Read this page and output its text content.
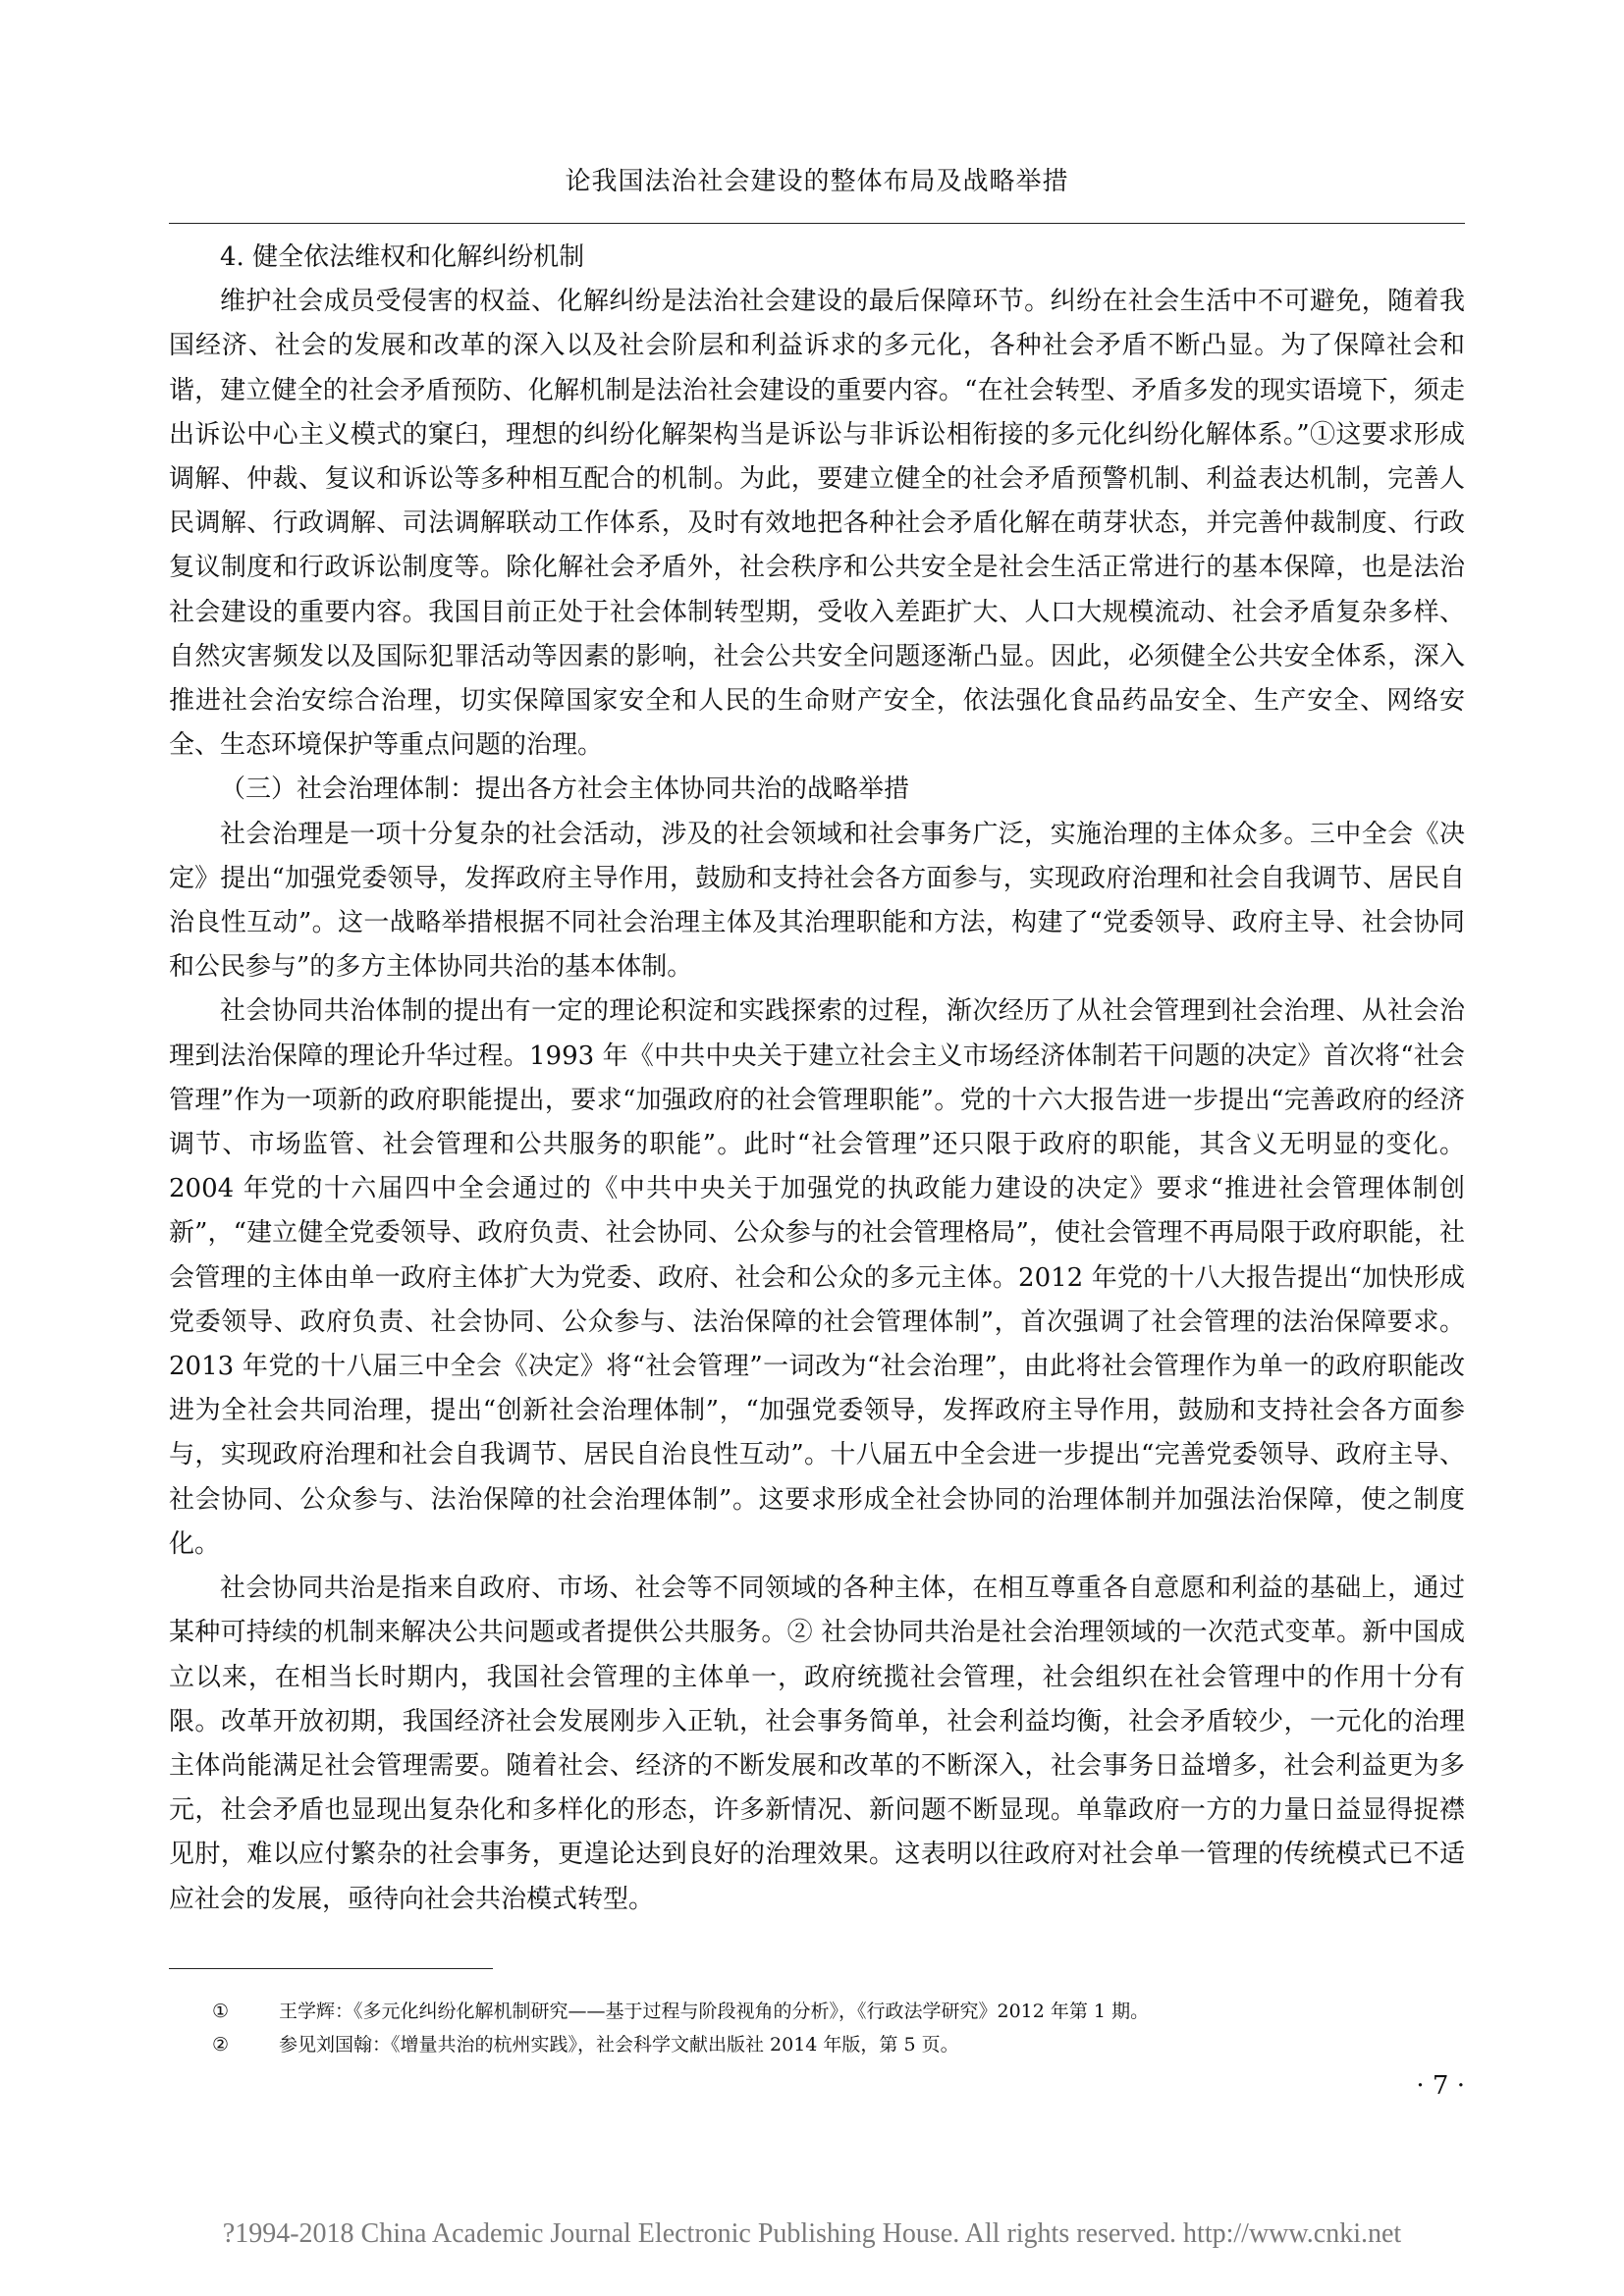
论我国法治社会建设的整体布局及战略举措

4. 健全依法维权和化解纠纷机制

维护社会成员受侵害的权益、化解纠纷是法治社会建设的最后保障环节。纠纷在社会生活中不可避免，随着我国经济、社会的发展和改革的深入以及社会阶层和利益诉求的多元化，各种社会矛盾不断凸显。为了保障社会和谐，建立健全的社会矛盾预防、化解机制是法治社会建设的重要内容。“在社会转型、矛盾多发的现实语境下，须走出诉讼中心主义模式的窠臼，理想的纠纷化解架构当是诉讼与非诉讼相衔接的多元化纠纷化解体系。”①这要求形成调解、仲裁、复议和诉讼等多种相互配合的机制。为此，要建立健全的社会矛盾预警机制、利益表达机制，完善人民调解、行政调解、司法调解联动工作体系，及时有效地把各种社会矛盾化解在萌芽状态，并完善仲裁制度、行政复议制度和行政诉讼制度等。除化解社会矛盾外，社会秩序和公共安全是社会生活正常进行的基本保障，也是法治社会建设的重要内容。我国目前正处于社会体制转型期，受收入差距扩大、人口大规模流动、社会矛盾复杂多样、自然灾害频发以及国际犯罪活动等因素的影响，社会公共安全问题逐渐凸显。因此，必须健全公共安全体系，深入推进社会治安综合治理，切实保障国家安全和人民的生命财产安全，依法强化食品药品安全、生产安全、网络安全、生态环境保护等重点问题的治理。

（三）社会治理体制：提出各方社会主体协同共治的战略举措

社会治理是一项十分复杂的社会活动，涉及的社会领域和社会事务广泛，实施治理的主体众多。三中全会《决定》提出“加强党委领导，发挥政府主导作用，鼓励和支持社会各方面参与，实现政府治理和社会自我调节、居民自治良性互动”。这一战略举措根据不同社会治理主体及其治理职能和方法，构建了“党委领导、政府主导、社会协同和公民参与”的多方主体协同共治的基本体制。

社会协同共治体制的提出有一定的理论积淀和实践探索的过程，渐次经历了从社会管理到社会治理、从社会治理到法治保障的理论升华过程。1993 年《中共中央关于建立社会主义市场经济体制若干问题的决定》首次将“社会管理”作为一项新的政府职能提出，要求“加强政府的社会管理职能”。党的十六大报告进一步提出“完善政府的经济调节、市场监管、社会管理和公共服务的职能”。此时“社会管理”还只限于政府的职能，其含义无明显的变化。2004 年党的十六届四中全会通过的《中共中央关于加强党的执政能力建设的决定》要求“推进社会管理体制创新”，“建立健全党委领导、政府负责、社会协同、公众参与的社会管理格局”，使社会管理不再局限于政府职能，社会管理的主体由单一政府主体扩大为党委、政府、社会和公众的多元主体。2012 年党的十八大报告提出“加快形成党委领导、政府负责、社会协同、公众参与、法治保障的社会管理体制”，首次强调了社会管理的法治保障要求。2013 年党的十八届三中全会《决定》将“社会管理”一词改为“社会治理”，由此将社会管理作为单一的政府职能改进为全社会共同治理，提出“创新社会治理体制”，“加强党委领导，发挥政府主导作用，鼓励和支持社会各方面参与，实现政府治理和社会自我调节、居民自治良性互动”。十八届五中全会进一步提出“完善党委领导、政府主导、社会协同、公众参与、法治保障的社会治理体制”。这要求形成全社会协同的治理体制并加强法治保障，使之制度化。

社会协同共治是指来自政府、市场、社会等不同领域的各种主体，在相互尊重各自意愿和利益的基础上，通过某种可持续的机制来解决公共问题或者提供公共服务。② 社会协同共治是社会治理领域的一次范式变革。新中国成立以来，在相当长时期内，我国社会管理的主体单一，政府统揽社会管理，社会组织在社会管理中的作用十分有限。改革开放初期，我国经济社会发展刚步入正轨，社会事务简单，社会利益均衡，社会矛盾较少，一元化的治理主体尚能满足社会管理需要。随着社会、经济的不断发展和改革的不断深入，社会事务日益增多，社会利益更为多元，社会矛盾也显现出复杂化和多样化的形态，许多新情况、新问题不断显现。单靠政府一方的力量日益显得捉襟见肘，难以应付繁杂的社会事务，更遑论达到良好的治理效果。这表明以往政府对社会单一管理的传统模式已不适应社会的发展，亟待向社会共治模式转型。

①	王学辉：《多元化纠纷化解机制研究——基于过程与阶段视角的分析》，《行政法学研究》2012 年第 1 期。
②	参见刘国翰：《增量共治的杭州实践》，社会科学文献出版社 2014 年版，第 5 页。
· 7 ·
?1994-2018 China Academic Journal Electronic Publishing House. All rights reserved. http://www.cnki.net
